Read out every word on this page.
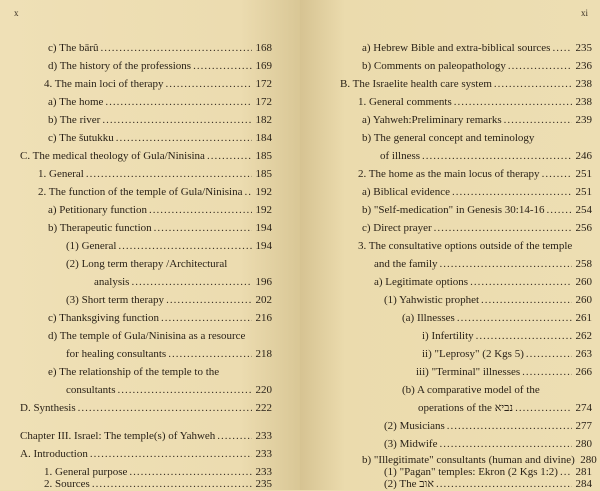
x
c) The bārû .....	168
d) The history of the professions .....	169
4. The main loci of therapy .....	172
a) The home .....	172
b) The river .....	182
c) The šutukku .....	184
C. The medical theology of Gula/Ninisina .....	185
1. General .....	185
2. The function of the temple of Gula/Ninisina ..... 192
a) Petitionary function .....	192
b) Therapeutic function .....	194
(1) General .....	194
(2) Long term therapy /Architectural
analysis .....	196
(3) Short term therapy .....	202
c) Thanksgiving function .....	216
d) The temple of Gula/Ninisina as a resource
for healing consultants .....	218
e) The relationship of the temple to the
consultants .....	220
D. Synthesis .....	222
Chapter III. Israel: The temple(s) of Yahweh .....	233
A. Introduction .....	233
1. General purpose .....	233
2. Sources .....	235
xi
a) Hebrew Bible and extra-biblical sources ..... 235
b) Comments on paleopathology .....	236
B. The Israelite health care system .....	238
1. General comments .....	238
a) Yahweh:Preliminary remarks .....	239
b) The general concept and teminology
of illness .....	246
2. The home as the main locus of therapy .....	251
a) Biblical evidence .....	251
b) "Self-medication" in Genesis 30:14-16 .....	254
c) Direct prayer .....	256
3. The consultative options outside of the temple
and the family .....	258
a) Legitimate options .....	260
(1) Yahwistic prophet .....	260
(a) Illnesses .....	261
i) Infertility .....	262
ii) "Leprosy" (2 Kgs 5) .....	263
iii) "Terminal" illnesses .....	266
(b) A comparative model of the
operations of the נביא .....	274
(2) Musicians .....	277
(3) Midwife .....	280
b) "Illegitimate" consultants (human and divine) 280
(1) "Pagan" temples: Ekron (2 Kgs 1:2) ..... 281
(2) The אוב .....	284
